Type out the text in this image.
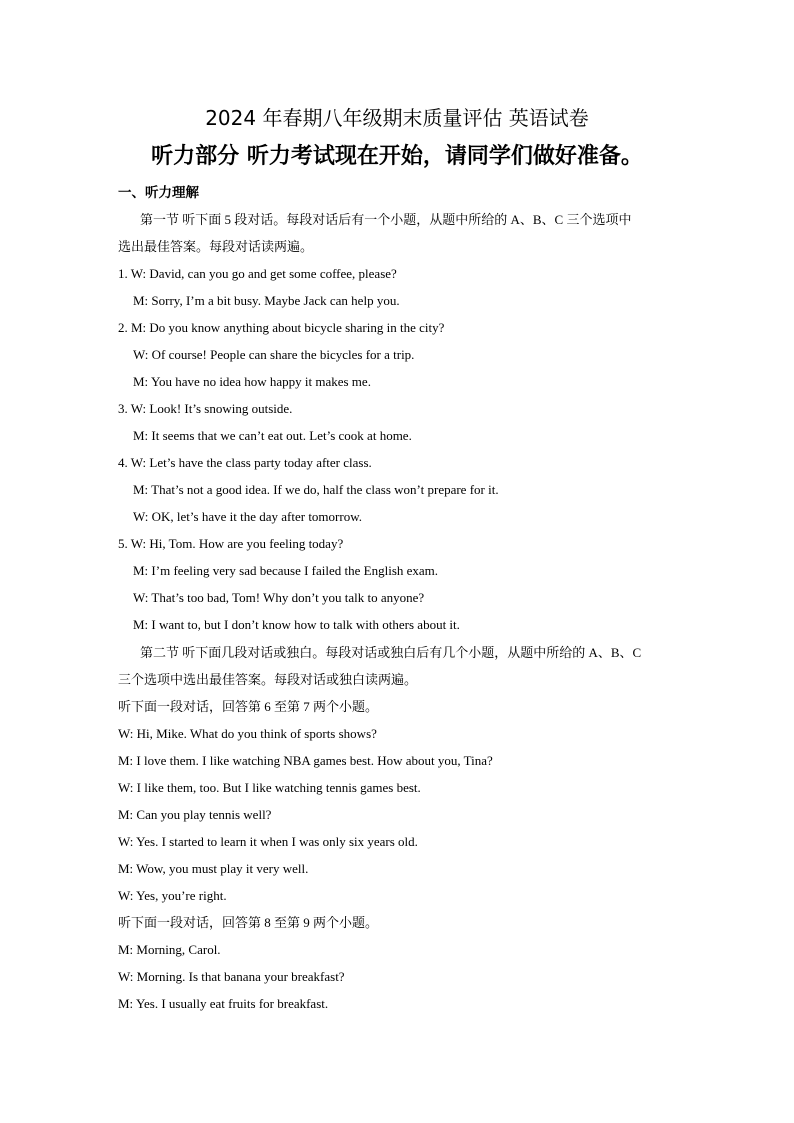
2024 年春期八年级期末质量评估 英语试卷
听力部分 听力考试现在开始，请同学们做好准备。
一、听力理解
第一节 听下面 5 段对话。每段对话后有一个小题，从题中所给的 A、B、C 三个选项中
选出最佳答案。每段对话读两遍。
1. W: David, can you go and get some coffee, please?
M: Sorry, I’m a bit busy. Maybe Jack can help you.
2. M: Do you know anything about bicycle sharing in the city?
W: Of course! People can share the bicycles for a trip.
M: You have no idea how happy it makes me.
3. W: Look! It’s snowing outside.
M: It seems that we can’t eat out. Let’s cook at home.
4. W: Let’s have the class party today after class.
M: That’s not a good idea. If we do, half the class won’t prepare for it.
W: OK, let’s have it the day after tomorrow.
5. W: Hi, Tom. How are you feeling today?
M: I’m feeling very sad because I failed the English exam.
W: That’s too bad, Tom! Why don’t you talk to anyone?
M: I want to, but I don’t know how to talk with others about it.
第二节 听下面几段对话或独白。每段对话或独白后有几个小题，从题中所给的 A、B、C
三个选项中选出最佳答案。每段对话或独白读两遍。
听下面一段对话，回答第 6 至第 7 两个小题。
W: Hi, Mike. What do you think of sports shows?
M: I love them. I like watching NBA games best. How about you, Tina?
W: I like them, too. But I like watching tennis games best.
M: Can you play tennis well?
W: Yes. I started to learn it when I was only six years old.
M: Wow, you must play it very well.
W: Yes, you’re right.
听下面一段对话，回答第 8 至第 9 两个小题。
M: Morning, Carol.
W: Morning. Is that banana your breakfast?
M: Yes. I usually eat fruits for breakfast.
